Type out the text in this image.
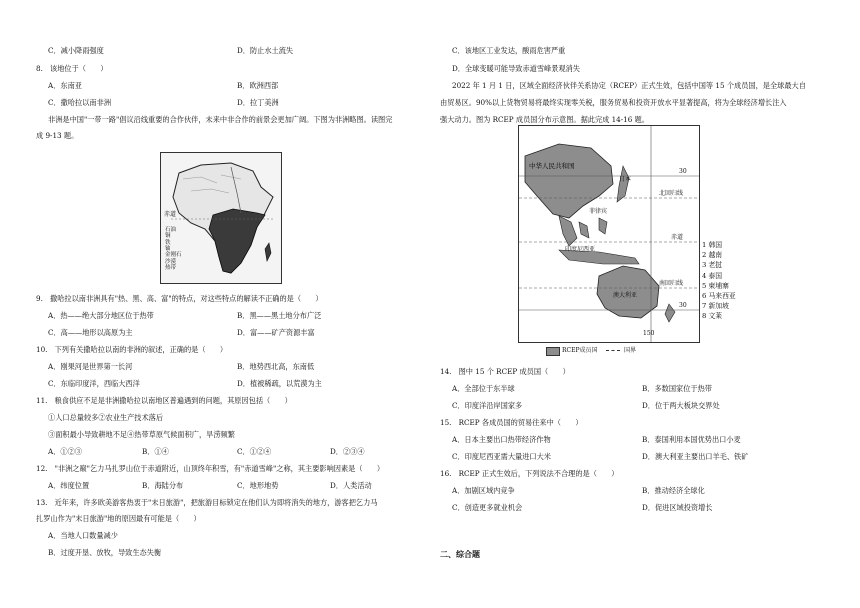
C．减小降雨强度	D．防止水土流失
8.　该地位于（　　）
A．东南亚	B．欧洲西部
C．撒哈拉以南非洲	D．拉丁美洲
非洲是中国"一带一路"倡议沿线重要的合作伙伴，未来中非合作的前景会更加广阔。下图为非洲略图。读图完
成 9-13 题。
赤道
石油
铜
铁
铀
金刚石
沙漠
热带
9.　撒哈拉以南非洲具有"热、黑、高、富"的特点，对这些特点的解读不正确的是（　　）
A．热——绝大部分地区位于热带	B．黑——黑土地分布广泛
C．高——地形以高原为主	D．富——矿产资源丰富
10.　下列有关撒哈拉以南的非洲的叙述，正确的是（　　）
A．刚果河是世界第一长河	B．地势西北高，东南低
C．东临印度洋，西临大西洋	D．植被稀疏，以荒漠为主
11.　粮食供应不足是非洲撒哈拉以南地区普遍遇到的问题，其原因包括（　　）
①人口总量较多②农业生产技术落后
③面积最小导致耕地不足④热带草原气候面积广，旱涝频繁
A．①②③	B．①④	C．①②④	D．②③④
12.　"非洲之巅"乞力马扎罗山位于赤道附近，山顶终年积雪，有"赤道雪峰"之称，其主要影响因素是（　　）
A．纬度位置	B．海陆分布	C．地形地势	D．人类活动
13.　近年来，许多欧美游客热衷于"末日旅游"，把旅游目标锁定在他们认为即将消失的地方，游客把乞力马
扎罗山作为"末日旅游"地的原因最有可能是（　　）
A．当地人口数量减少
B．过度开垦、放牧，导致生态失衡
C．该地区工业发达，酸雨危害严重
D．全球变暖可能导致赤道雪峰景观消失
2022 年 1 月 1 日，区域全面经济伙伴关系协定（RCEP）正式生效，包括中国等 15 个成员国，是全球最大自
由贸易区。90%以上货物贸易将最终实现零关税，服务贸易和投资开放水平显著提高，将为全球经济增长注入
强大动力。图为 RCEP 成员国分布示意图。据此完成 14-16 题。
中华人民共和国
日本
菲律宾
印度尼西亚
澳大利亚
30
北回归线
赤道
南回归线
30
150
RCEP成员国	国界
1 韩国
2 越南
3 老挝
4 泰国
5 柬埔寨
6 马来西亚
7 新加坡
8 文莱
14.　图中 15 个 RCEP 成员国（　　）
A．全部位于东半球	B．多数国家位于热带
C．印度洋沿岸国家多	D．位于两大板块交界处
15.　RCEP 各成员国的贸易往来中（　　）
A．日本主要出口热带经济作物	B．泰国利用本国优势出口小麦
C．印度尼西亚需大量进口大米	D．澳大利亚主要出口羊毛、铁矿
16.　RCEP 正式生效后，下列说法不合理的是（　　）
A．加剧区域内竞争	B．推动经济全球化
C．创造更多就业机会	D．促进区域投资增长
二、综合题
